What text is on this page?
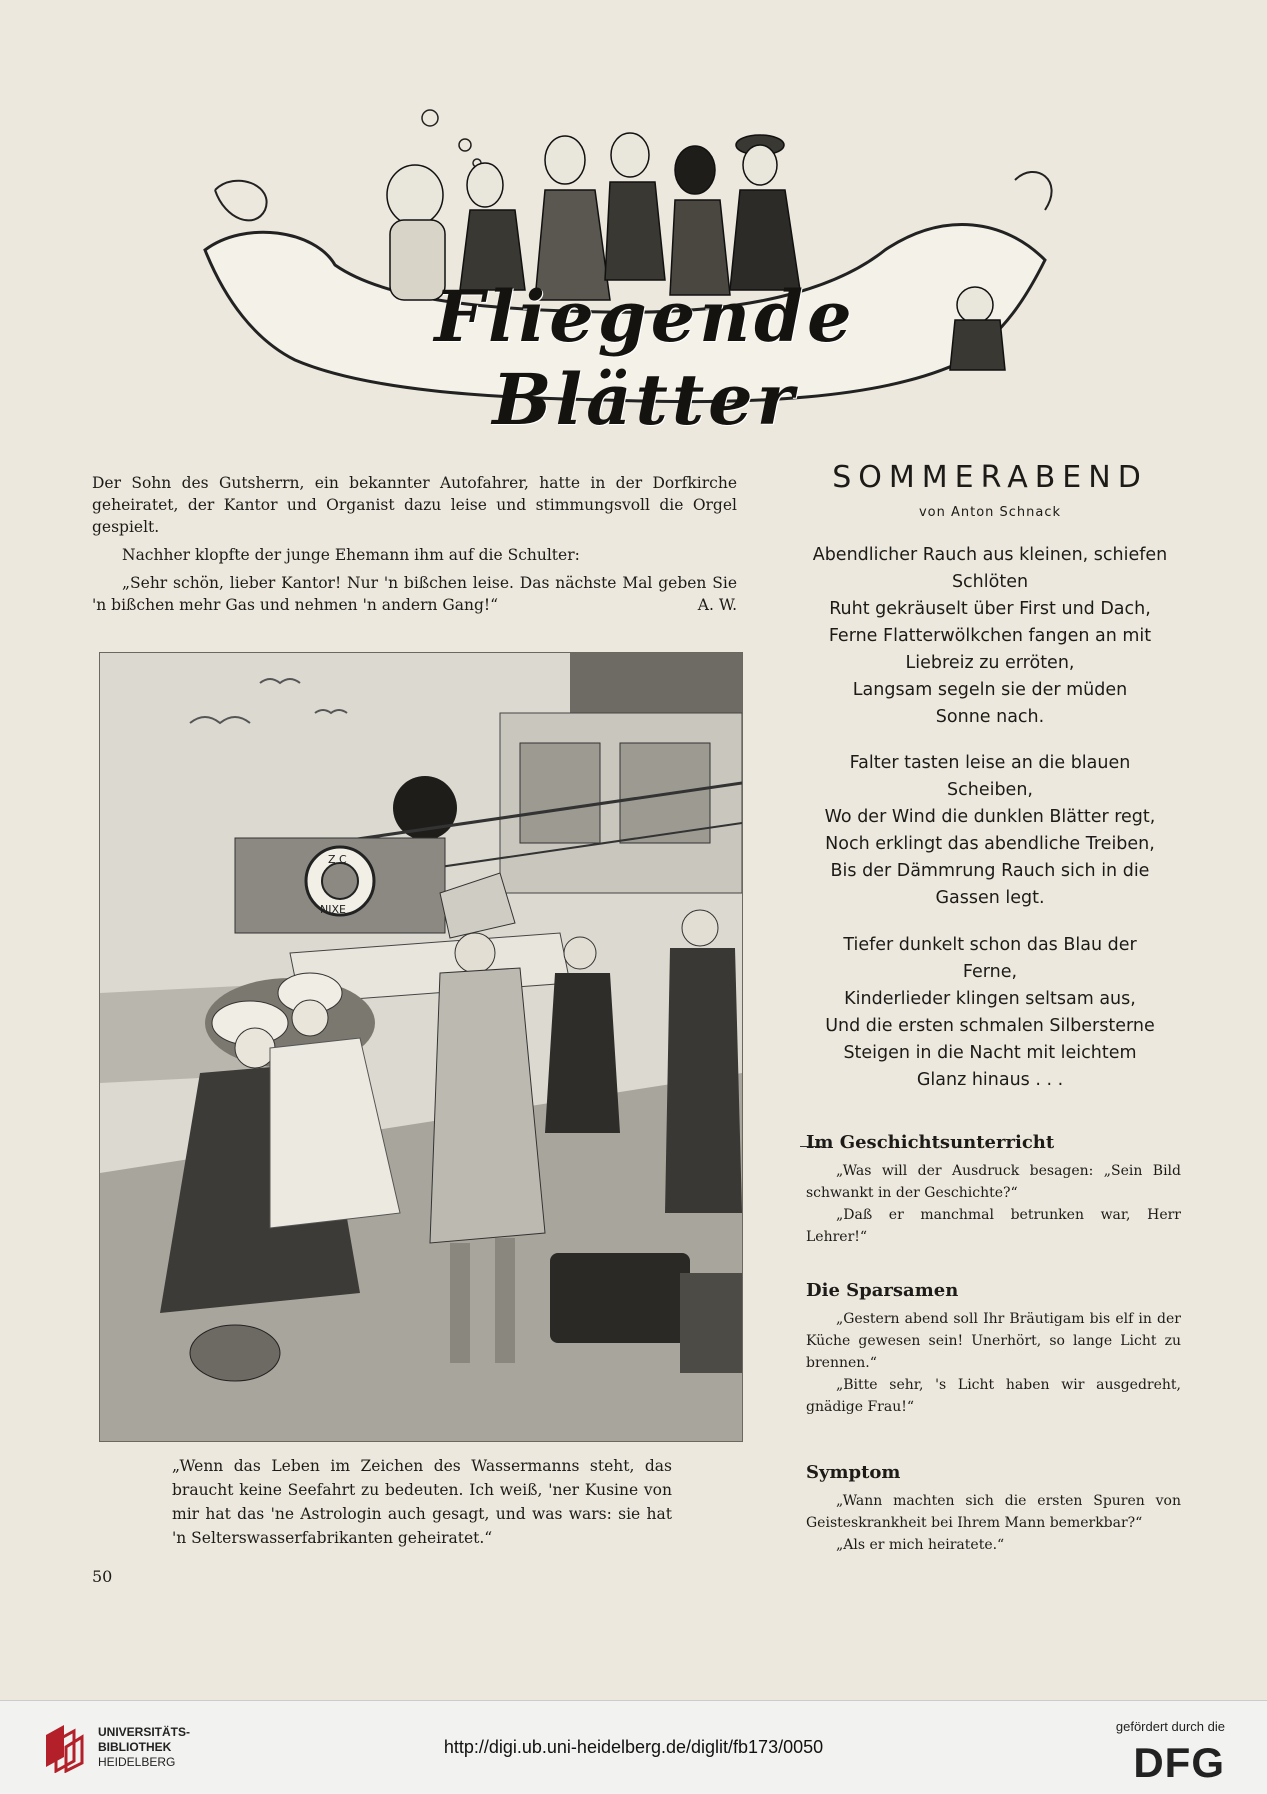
Fliegende Blätter

Der Sohn des Gutsherrn, ein bekannter Autofahrer, hatte in der Dorfkirche geheiratet, der Kantor und Organist dazu leise und stimmungsvoll die Orgel gespielt.

Nachher klopfte der junge Ehemann ihm auf die Schulter:

„Sehr schön, lieber Kantor! Nur 'n bißchen leise. Das nächste Mal geben Sie 'n bißchen mehr Gas und nehmen 'n andern Gang!“	A. W.

Z C
NIXE
„Wenn das Leben im Zeichen des Wassermanns steht, das braucht keine Seefahrt zu bedeuten. Ich weiß, 'ner Kusine von mir hat das 'ne Astrologin auch gesagt, und was wars: sie hat 'n Selterswasserfabrikanten geheiratet.“
50
SOMMERABEND
von Anton Schnack
Abendlicher Rauch aus kleinen, schiefen
Schlöten
Ruht gekräuselt über First und Dach,
Ferne Flatterwölkchen fangen an mit
Liebreiz zu erröten,
Langsam segeln sie der müden
Sonne nach.
Falter tasten leise an die blauen
Scheiben,
Wo der Wind die dunklen Blätter regt,
Noch erklingt das abendliche Treiben,
Bis der Dämmrung Rauch sich in die
Gassen legt.
Tiefer dunkelt schon das Blau der
Ferne,
Kinderlieder klingen seltsam aus,
Und die ersten schmalen Silbersterne
Steigen in die Nacht mit leichtem
Glanz hinaus . . .
Im Geschichtsunterricht

„Was will der Ausdruck besagen: „Sein Bild schwankt in der Geschichte?“

„Daß er manchmal betrunken war, Herr Lehrer!“

Die Sparsamen

„Gestern abend soll Ihr Bräutigam bis elf in der Küche gewesen sein! Unerhört, so lange Licht zu brennen.“

„Bitte sehr, 's Licht haben wir ausgedreht, gnädige Frau!“

Symptom

„Wann machten sich die ersten Spuren von Geisteskrankheit bei Ihrem Mann bemerkbar?“

„Als er mich heiratete.“

UNIVERSITÄTS-
BIBLIOTHEK
HEIDELBERG
http://digi.ub.uni-heidelberg.de/diglit/fb173/0050
gefördert durch die
DFG
